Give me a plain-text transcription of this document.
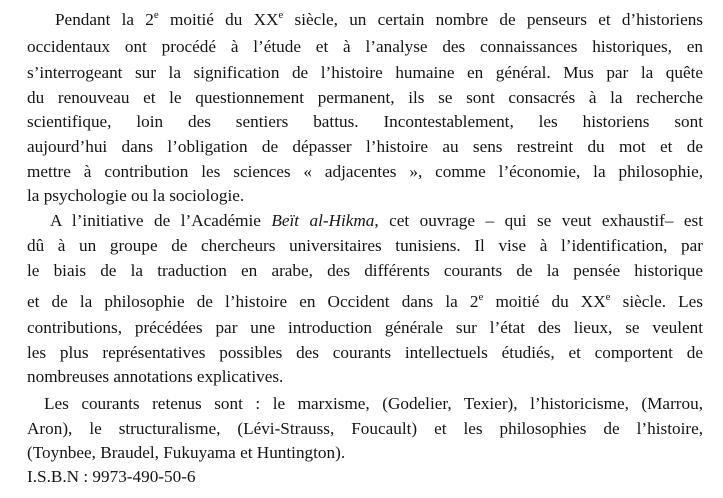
Pendant la 2e moitié du XXe siècle, un certain nombre de penseurs et d’historiens
occidentaux ont procédé à l’étude et à l’analyse des connaissances historiques, en
s’interrogeant sur la signification de l’histoire humaine en général. Mus par la quête
du renouveau et le questionnement permanent, ils se sont consacrés à la recherche
scientifique, loin des sentiers battus. Incontestablement, les historiens sont
aujourd’hui dans l’obligation de dépasser l’histoire au sens restreint du mot et de
mettre à contribution les sciences « adjacentes », comme l’économie, la philosophie,
la psychologie ou la sociologie.
A l’initiative de l’Académie Beït al-Hikma, cet ouvrage – qui se veut exhaustif– est
dû à un groupe de chercheurs universitaires tunisiens. Il vise à l’identification, par
le biais de la traduction en arabe, des différents courants de la pensée historique
et de la philosophie de l’histoire en Occident dans la 2e moitié du XXe siècle. Les
contributions, précédées par une introduction générale sur l’état des lieux, se veulent
les plus représentatives possibles des courants intellectuels étudiés, et comportent de
nombreuses annotations explicatives.
Les courants retenus sont : le marxisme, (Godelier, Texier), l’historicisme, (Marrou,
Aron), le structuralisme, (Lévi-Strauss, Foucault) et les philosophies de l’histoire,
(Toynbee, Braudel, Fukuyama et Huntington).
I.S.B.N : 9973-490-50-6
